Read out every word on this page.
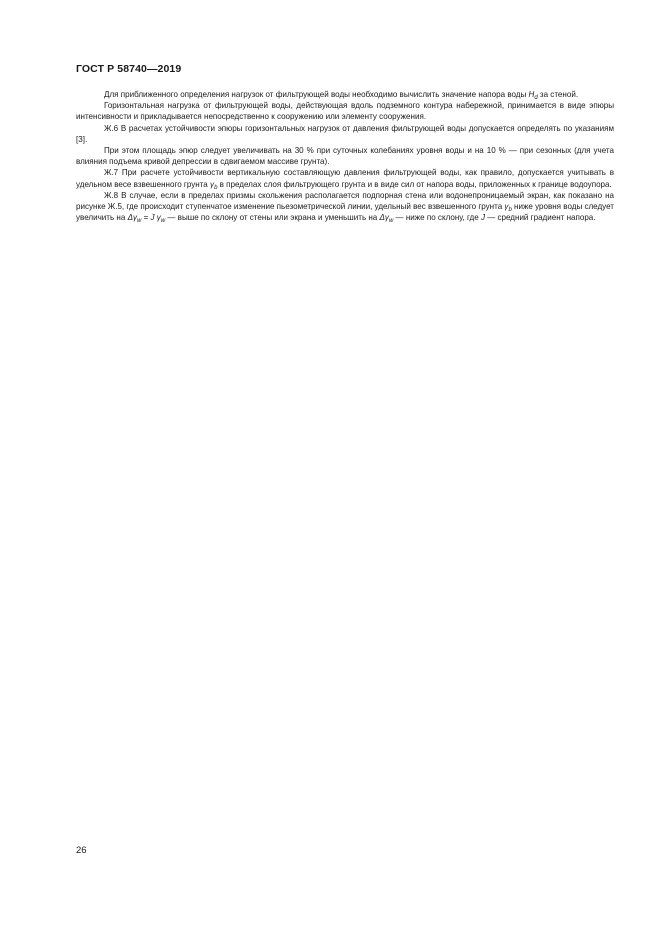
ГОСТ Р 58740—2019

Для приближенного определения нагрузок от фильтрующей воды необходимо вычислить значение напора воды $H_d$ за стеной.

Горизонтальная нагрузка от фильтрующей воды, действующая вдоль подземного контура набережной, принимается в виде эпюры интенсивности и прикладывается непосредственно к сооружению или элементу сооружения.

Ж.6 В расчетах устойчивости эпюры горизонтальных нагрузок от давления фильтрующей воды допускается определять по указаниям [3].

При этом площадь эпюр следует увеличивать на 30 % при суточных колебаниях уровня воды и на 10 % — при сезонных (для учета влияния подъема кривой депрессии в сдвигаемом массиве грунта).

Ж.7 При расчете устойчивости вертикальную составляющую давления фильтрующей воды, как правило, допускается учитывать в удельном весе взвешенного грунта $\gamma_b$ в пределах слоя фильтрующего грунта и в виде сил от напора воды, приложенных к границе водоупора.

Ж.8 В случае, если в пределах призмы скольжения располагается подпорная стена или водонепроницаемый экран, как показано на рисунке Ж.5, где происходит ступенчатое изменение пьезометрической линии, удельный вес взвешенного грунта $\gamma_b$ ниже уровня воды следует увеличить на $\Delta\gamma_w = J$ $\gamma_w$ — выше по склону от стены или экрана и уменьшить на $\Delta\gamma_w$ — ниже по склону, где J — средний градиент напора.

26
